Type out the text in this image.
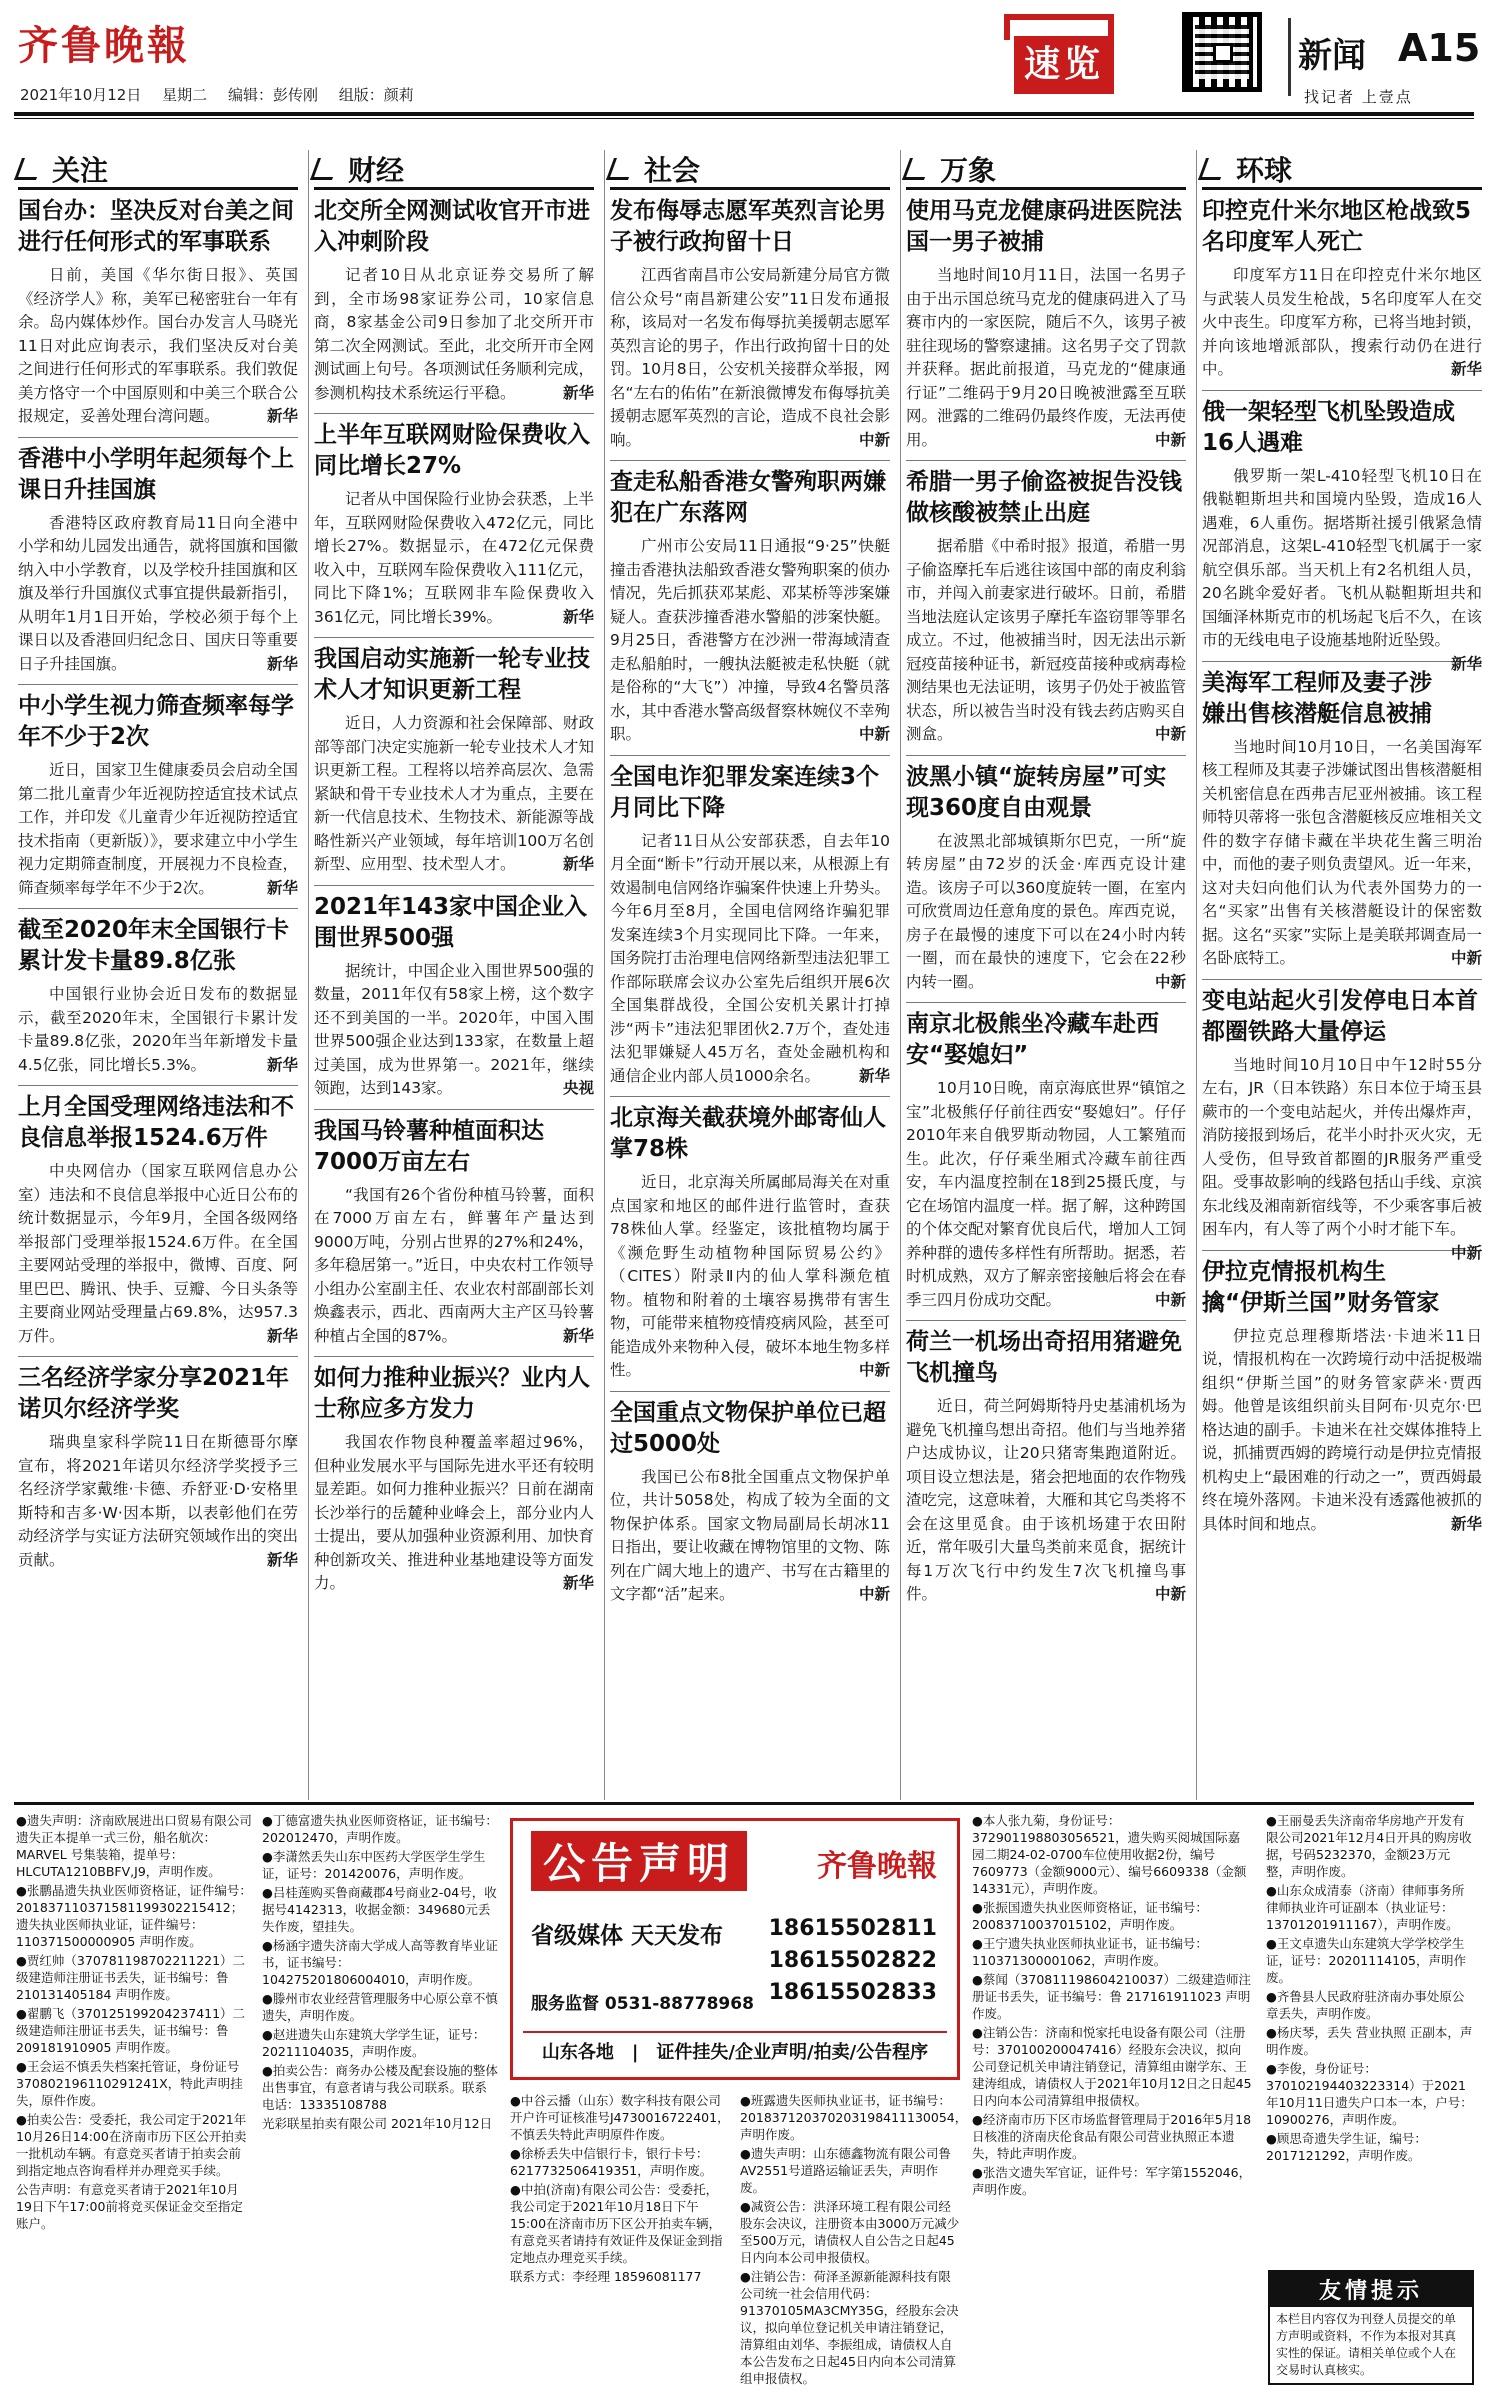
齐鲁晚報
2021年10月12日 星期二 编辑：彭传刚 组版：颜莉
速览	新闻 A15
找记者 上壹点
关注
国台办：坚决反对台美之间进行任何形式的军事联系
日前，美国《华尔街日报》、英国《经济学人》称，美军已秘密驻台一年有余。岛内媒体炒作。国台办发言人马晓光11日对此应询表示，我们坚决反对台美之间进行任何形式的军事联系。我们敦促美方恪守一个中国原则和中美三个联合公报规定，妥善处理台湾问题。	新华
香港中小学明年起须每个上课日升挂国旗
香港特区政府教育局11日向全港中小学和幼儿园发出通告，就将国旗和国徽纳入中小学教育，以及学校升挂国旗和区旗及举行升国旗仪式事宜提供最新指引，从明年1月1日开始，学校必须于每个上课日以及香港回归纪念日、国庆日等重要日子升挂国旗。	新华
中小学生视力筛查频率每学年不少于2次
近日，国家卫生健康委员会启动全国第二批儿童青少年近视防控适宜技术试点工作，并印发《儿童青少年近视防控适宜技术指南（更新版）》，要求建立中小学生视力定期筛查制度，开展视力不良检查，筛查频率每学年不少于2次。	新华
截至2020年末全国银行卡累计发卡量89.8亿张
中国银行业协会近日发布的数据显示，截至2020年末，全国银行卡累计发卡量89.8亿张，2020年当年新增发卡量4.5亿张，同比增长5.3%。	新华
上月全国受理网络违法和不良信息举报1524.6万件
中央网信办（国家互联网信息办公室）违法和不良信息举报中心近日公布的统计数据显示，今年9月，全国各级网络举报部门受理举报1524.6万件。在全国主要网站受理的举报中，微博、百度、阿里巴巴、腾讯、快手、豆瓣、今日头条等主要商业网站受理量占69.8%，达957.3万件。	新华
三名经济学家分享2021年诺贝尔经济学奖
瑞典皇家科学院11日在斯德哥尔摩宣布，将2021年诺贝尔经济学奖授予三名经济学家戴维·卡德、乔舒亚·D·安格里斯特和吉多·W·因本斯，以表彰他们在劳动经济学与实证方法研究领域作出的突出贡献。	新华
财经
北交所全网测试收官开市进入冲刺阶段
记者10日从北京证券交易所了解到，全市场98家证券公司，10家信息商，8家基金公司9日参加了北交所开市第二次全网测试。至此，北交所开市全网测试画上句号。各项测试任务顺利完成，参测机构技术系统运行平稳。	新华
上半年互联网财险保费收入同比增长27%
记者从中国保险行业协会获悉，上半年，互联网财险保费收入472亿元，同比增长27%。数据显示，在472亿元保费收入中，互联网车险保费收入111亿元，同比下降1%；互联网非车险保费收入361亿元，同比增长39%。	新华
我国启动实施新一轮专业技术人才知识更新工程
近日，人力资源和社会保障部、财政部等部门决定实施新一轮专业技术人才知识更新工程。工程将以培养高层次、急需紧缺和骨干专业技术人才为重点，主要在新一代信息技术、生物技术、新能源等战略性新兴产业领域，每年培训100万名创新型、应用型、技术型人才。	新华
2021年143家中国企业入围世界500强
据统计，中国企业入围世界500强的数量，2011年仅有58家上榜，这个数字还不到美国的一半。2020年，中国入围世界500强企业达到133家，在数量上超过美国，成为世界第一。2021年，继续领跑，达到143家。	央视
我国马铃薯种植面积达7000万亩左右
“我国有26个省份种植马铃薯，面积在7000万亩左右，鲜薯年产量达到9000万吨，分别占世界的27%和24%，多年稳居第一。”近日，中央农村工作领导小组办公室副主任、农业农村部副部长刘焕鑫表示，西北、西南两大主产区马铃薯种植占全国的87%。	新华
如何力推种业振兴？业内人士称应多方发力
我国农作物良种覆盖率超过96%，但种业发展水平与国际先进水平还有较明显差距。如何力推种业振兴？日前在湖南长沙举行的岳麓种业峰会上，部分业内人士提出，要从加强种业资源利用、加快育种创新攻关、推进种业基地建设等方面发力。	新华
社会
发布侮辱志愿军英烈言论男子被行政拘留十日
江西省南昌市公安局新建分局官方微信公众号“南昌新建公安”11日发布通报称，该局对一名发布侮辱抗美援朝志愿军英烈言论的男子，作出行政拘留十日的处罚。10月8日，公安机关接群众举报，网名“左右的佑佑”在新浪微博发布侮辱抗美援朝志愿军英烈的言论，造成不良社会影响。	中新
查走私船香港女警殉职两嫌犯在广东落网
广州市公安局11日通报“9·25”快艇撞击香港执法船致香港女警殉职案的侦办情况，先后抓获邓某彪、邓某桥等涉案嫌疑人。查获涉撞香港水警船的涉案快艇。9月25日，香港警方在沙洲一带海域清查走私船舶时，一艘执法艇被走私快艇（就是俗称的“大飞”）冲撞，导致4名警员落水，其中香港水警高级督察林婉仪不幸殉职。	中新
全国电诈犯罪发案连续3个月同比下降
记者11日从公安部获悉，自去年10月全面“断卡”行动开展以来，从根源上有效遏制电信网络诈骗案件快速上升势头。今年6月至8月，全国电信网络诈骗犯罪发案连续3个月实现同比下降。一年来，国务院打击治理电信网络新型违法犯罪工作部际联席会议办公室先后组织开展6次全国集群战役，全国公安机关累计打掉涉“两卡”违法犯罪团伙2.7万个，查处违法犯罪嫌疑人45万名，查处金融机构和通信企业内部人员1000余名。	新华
北京海关截获境外邮寄仙人掌78株
近日，北京海关所属邮局海关在对重点国家和地区的邮件进行监管时，查获78株仙人掌。经鉴定，该批植物均属于《濒危野生动植物种国际贸易公约》（CITES）附录Ⅱ内的仙人掌科濒危植物。植物和附着的土壤容易携带有害生物，可能带来植物疫情疫病风险，甚至可能造成外来物种入侵，破坏本地生物多样性。	中新
全国重点文物保护单位已超过5000处
我国已公布8批全国重点文物保护单位，共计5058处，构成了较为全面的文物保护体系。国家文物局副局长胡冰11日指出，要让收藏在博物馆里的文物、陈列在广阔大地上的遗产、书写在古籍里的文字都“活”起来。	中新
万象
使用马克龙健康码进医院法国一男子被捕
当地时间10月11日，法国一名男子由于出示国总统马克龙的健康码进入了马赛市内的一家医院，随后不久，该男子被驻往现场的警察逮捕。这名男子交了罚款并获释。据此前报道，马克龙的“健康通行证”二维码于9月20日晚被泄露至互联网。泄露的二维码仍最终作废，无法再使用。	中新
希腊一男子偷盗被捉告没钱做核酸被禁止出庭
据希腊《中希时报》报道，希腊一男子偷盗摩托车后逃往该国中部的南皮利翁市，并闯入前妻家进行破坏。日前，希腊当地法庭认定该男子摩托车盗窃罪等罪名成立。不过，他被捕当时，因无法出示新冠疫苗接种证书，新冠疫苗接种或病毒检测结果也无法证明，该男子仍处于被监管状态，所以被告当时没有钱去药店购买自测盒。	中新
波黑小镇“旋转房屋”可实现360度自由观景
在波黑北部城镇斯尔巴克，一所“旋转房屋”由72岁的沃金·库西克设计建造。该房子可以360度旋转一圈，在室内可欣赏周边任意角度的景色。库西克说，房子在最慢的速度下可以在24小时内转一圈，而在最快的速度下，它会在22秒内转一圈。	中新
南京北极熊坐冷藏车赴西安“娶媳妇”
10月10日晚，南京海底世界“镇馆之宝”北极熊仔仔前往西安“娶媳妇”。仔仔2010年来自俄罗斯动物园，人工繁殖而生。此次，仔仔乘坐厢式冷藏车前往西安，车内温度控制在18到25摄氏度，与它在场馆内温度一样。据了解，这种跨国的个体交配对繁育优良后代，增加人工饲养种群的遗传多样性有所帮助。据悉，若时机成熟，双方了解亲密接触后将会在春季三四月份成功交配。	中新
荷兰一机场出奇招用猪避免飞机撞鸟
近日，荷兰阿姆斯特丹史基浦机场为避免飞机撞鸟想出奇招。他们与当地养猪户达成协议，让20只猪寄集跑道附近。项目设立想法是，猪会把地面的农作物残渣吃完，这意味着，大雁和其它鸟类将不会在这里觅食。由于该机场建于农田附近，常年吸引大量鸟类前来觅食，据统计每1万次飞行中约发生7次飞机撞鸟事件。	中新
环球
印控克什米尔地区枪战致5名印度军人死亡
印度军方11日在印控克什米尔地区与武装人员发生枪战，5名印度军人在交火中丧生。印度军方称，已将当地封锁，并向该地增派部队，搜索行动仍在进行中。	新华
俄一架轻型飞机坠毁造成16人遇难
俄罗斯一架L-410轻型飞机10日在俄鞑靼斯坦共和国境内坠毁，造成16人遇难，6人重伤。据塔斯社援引俄紧急情况部消息，这架L-410轻型飞机属于一家航空俱乐部。当天机上有2名机组人员，20名跳伞爱好者。飞机从鞑靼斯坦共和国缅泽林斯克市的机场起飞后不久，在该市的无线电电子设施基地附近坠毁。
新华
美海军工程师及妻子涉嫌出售核潜艇信息被捕
当地时间10月10日，一名美国海军核工程师及其妻子涉嫌试图出售核潜艇相关机密信息在西弗吉尼亚州被捕。该工程师特贝蒂将一张包含潜艇核反应堆相关文件的数字存储卡藏在半块花生酱三明治中，而他的妻子则负责望风。近一年来，这对夫妇向他们认为代表外国势力的一名“买家”出售有关核潜艇设计的保密数据。这名“买家”实际上是美联邦调查局一名卧底特工。	中新
变电站起火引发停电日本首都圈铁路大量停运
当地时间10月10日中午12时55分左右，JR（日本铁路）东日本位于埼玉县蕨市的一个变电站起火，并传出爆炸声，消防接报到场后，花半小时扑灭火灾，无人受伤，但导致首都圈的JR服务严重受阻。受事故影响的线路包括山手线、京滨东北线及湘南新宿线等，不少乘客事后被困车内，有人等了两个小时才能下车。
中新
伊拉克情报机构生擒“伊斯兰国”财务管家
伊拉克总理穆斯塔法·卡迪米11日说，情报机构在一次跨境行动中活捉极端组织“伊斯兰国”的财务管家萨米·贾西姆。他曾是该组织前头目阿布·贝克尔·巴格达迪的副手。卡迪米在社交媒体推特上说，抓捕贾西姆的跨境行动是伊拉克情报机构史上“最困难的行动之一”，贾西姆最终在境外落网。卡迪米没有透露他被抓的具体时间和地点。	新华

●遗失声明：济南欧展进出口贸易有限公司遗失正本提单一式三份，船名航次：MARVEL 号集装箱，提单号：HLCUTA1210BBFV,J9，声明作废。

●张鹏晶遗失执业医师资格证，证件编号：201837110371581199302215412；遗失执业医师执业证，证件编号：110371500000905 声明作废。

●贾红帅（370781198702211221）二级建造师注册证书丢失，证书编号：鲁 210131405184 声明作废。

●翟鹏飞（370125199204237411）二级建造师注册证书丢失，证书编号：鲁 209181910905 声明作废。

●王会运不慎丢失档案托管证，身份证号370802196110291241X，特此声明挂失，原件作废。

●拍卖公告：受委托，我公司定于2021年10月26日14:00在济南市历下区公开拍卖一批机动车辆。有意竞买者请于拍卖会前到指定地点咨询看样并办理竞买手续。

公告声明：有意竞买者请于2021年10月19日下午17:00前将竞买保证金交至指定账户。

●丁德富遗失执业医师资格证，证书编号：202012470，声明作废。

●李潇然丢失山东中医药大学医学生学生证，证号：201420076，声明作废。

●吕桂莲购买鲁商藏郡4号商业2-04号，收据号4142313，收据金额：349680元丢失作废，望挂失。

●杨涵宇遗失济南大学成人高等教育毕业证书，证书编号：104275201806004010，声明作废。

●滕州市农业经营管理服务中心原公章不慎遗失，声明作废。

●赵进遗失山东建筑大学学生证，证号：20211104035，声明作废。

●拍卖公告：商务办公楼及配套设施的整体出售事宜，有意者请与我公司联系。联系电话：13335108788

光彩联星拍卖有限公司 2021年10月12日

公告声明	齐鲁晚報
省级媒体 天天发布 18615502811
18615502822
18615502833
服务监督 0531-88778968
山东各地　|　证件挂失/企业声明/拍卖/公告程序

●中谷云播（山东）数字科技有限公司开户许可证核准号J4730016722401，不慎丢失特此声明原件作废。

●徐桥丢失中信银行卡，银行卡号：6217732506419351，声明作废。

●中拍(济南)有限公司公告：受委托，我公司定于2021年10月18日下午15:00在济南市历下区公开拍卖车辆，有意竞买者请持有效证件及保证金到指定地点办理竞买手续。

联系方式：李经理 18596081177

●班露遗失医师执业证书，证书编号：201837120370203198411130054，声明作废。

●遗失声明：山东德鑫物流有限公司鲁AV2551号道路运输证丢失，声明作废。

●减资公告：洪泽环境工程有限公司经股东会决议，注册资本由3000万元减少至500万元，请债权人自公告之日起45日内向本公司申报债权。

●注销公告：荷泽圣源新能源科技有限公司统一社会信用代码：91370105MA3CMY35G，经股东会决议，拟向单位登记机关申请注销登记，清算组由刘华、李振组成，请债权人自本公告发布之日起45日内向本公司清算组申报债权。

●本人张九菊，身份证号：372901198803056521，遗失购买阅城国际嘉园二期24-02-0700车位使用收据2份，编号7609773（金额9000元）、编号6609338（金额14331元），声明作废。

●张振国遗失执业医师资格证，证书编号：20083710037015102，声明作废。

●王宁遗失执业医师执业证书，证书编号：110371300001062，声明作废。

●蔡闻（370811198604210037）二级建造师注册证书丢失，证书编号：鲁 217161911023 声明作废。

●注销公告：济南和悦家托电设备有限公司（注册号：370100200047416）经股东会决议，拟向公司登记机关申请注销登记，清算组由谢学东、王建涛组成，请债权人于2021年10月12日之日起45日内向本公司清算组申报债权。

●经济南市历下区市场监督管理局于2016年5月18日核准的济南庆伦食品有限公司营业执照正本遗失，特此声明作废。

●张浩文遗失军官证，证件号：军字第1552046，声明作废。

●王丽曼丢失济南帝华房地产开发有限公司2021年12月4日开具的购房收据，号码5232370，金额23万元整，声明作废。

●山东众成清泰（济南）律师事务所律师执业许可证副本（执业证号：13701201911167），声明作废。

●王文卓遗失山东建筑大学学校学生证，证号：20201114105，声明作废。

●齐鲁县人民政府驻济南办事处原公章丢失，声明作废。

●杨庆琴，丢失 营业执照 正副本，声明作废。

●李俊，身份证号：370102194403223314）于2021年10月11日遗失户口本一本，户号：10900276，声明作废。

●顾思奇遗失学生证，编号：2017121292，声明作废。

友情提示

本栏目内容仅为刊登人员提交的单方声明或资料，不作为本报对其真实性的保证。请相关单位或个人在交易时认真核实。
